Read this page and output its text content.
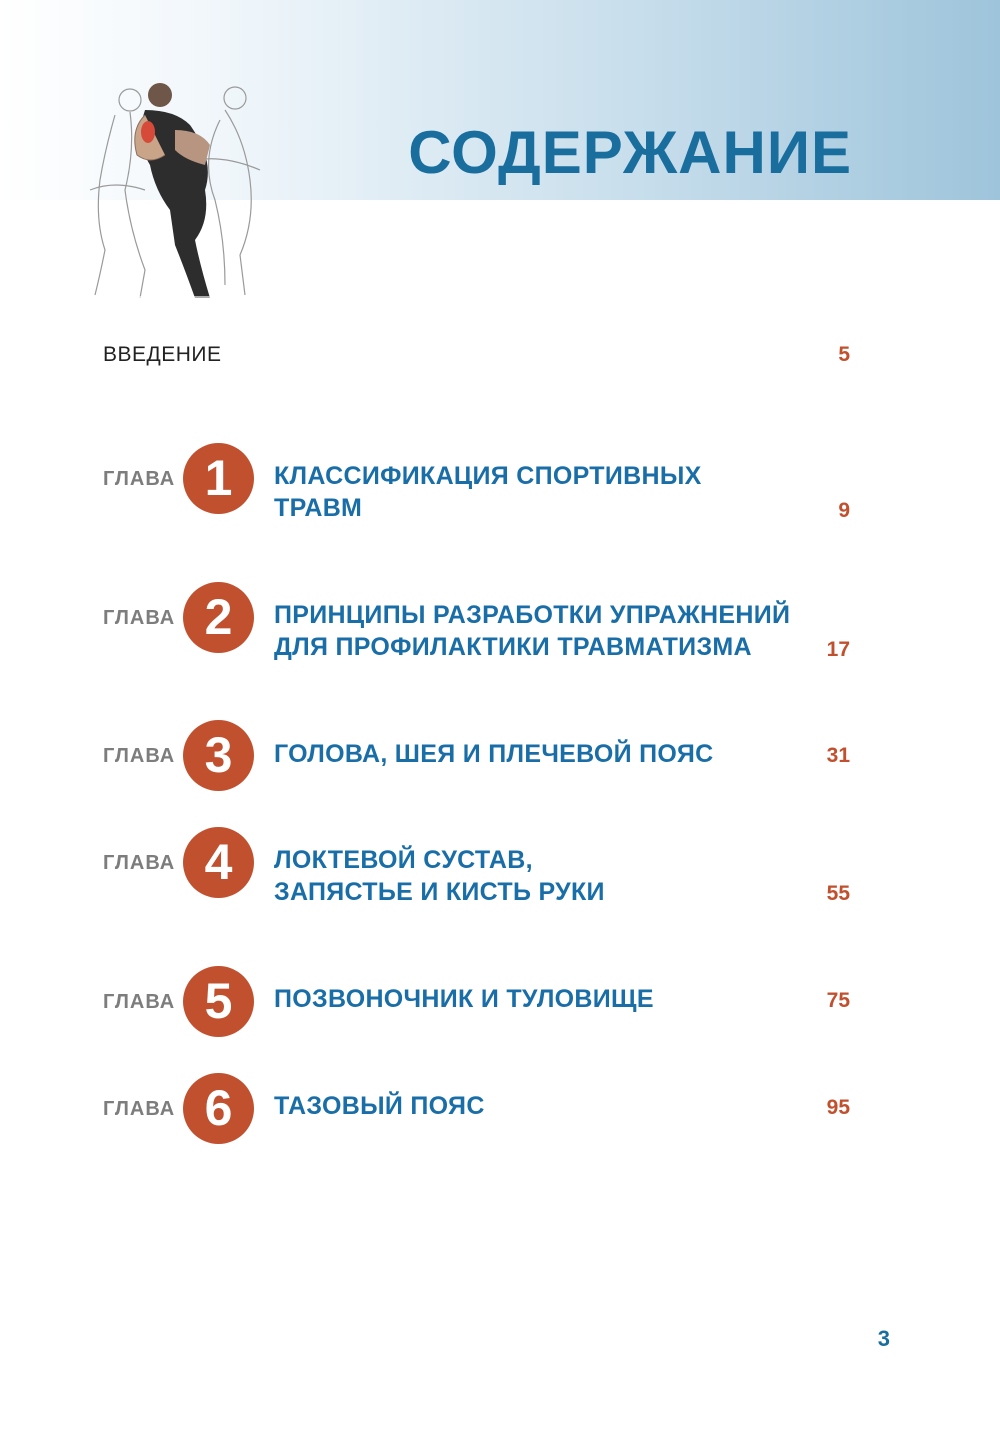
СОДЕРЖАНИЕ
ВВЕДЕНИЕ	5
ГЛАВА 1	КЛАССИФИКАЦИЯ СПОРТИВНЫХ
ТРАВМ	9
ГЛАВА 2	ПРИНЦИПЫ РАЗРАБОТКИ УПРАЖНЕНИЙ
ДЛЯ ПРОФИЛАКТИКИ ТРАВМАТИЗМА	17
ГЛАВА 3	ГОЛОВА, ШЕЯ И ПЛЕЧЕВОЙ ПОЯС	31
ГЛАВА 4	ЛОКТЕВОЙ СУСТАВ,
ЗАПЯСТЬЕ И КИСТЬ РУКИ	55
ГЛАВА 5	ПОЗВОНОЧНИК И ТУЛОВИЩЕ	75
ГЛАВА 6	ТАЗОВЫЙ ПОЯС	95
3
